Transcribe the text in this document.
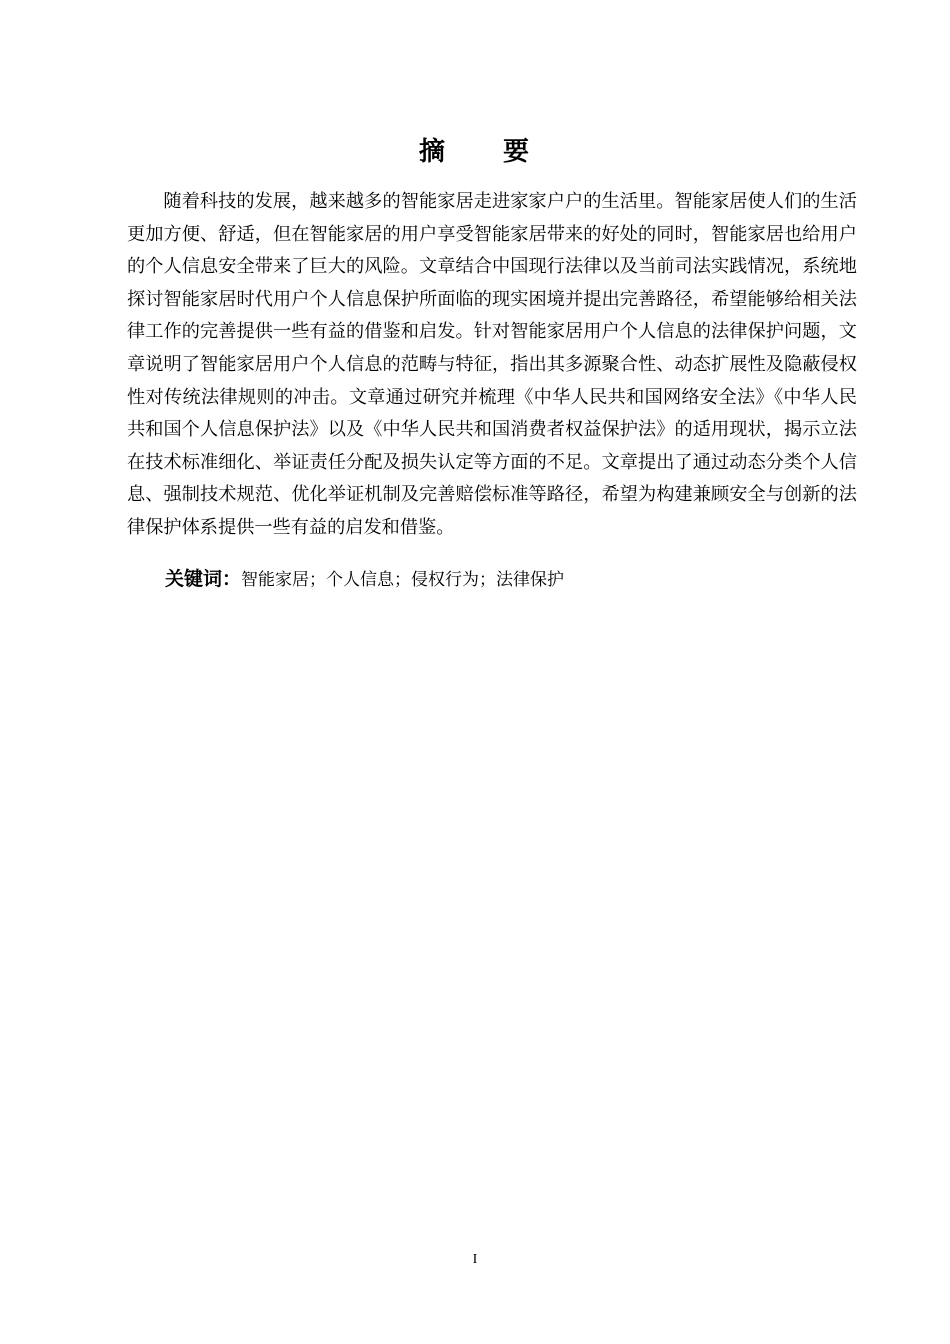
摘　　要

随着科技的发展，越来越多的智能家居走进家家户户的生活里。智能家居使人们的生活更加方便、舒适，但在智能家居的用户享受智能家居带来的好处的同时，智能家居也给用户的个人信息安全带来了巨大的风险。文章结合中国现行法律以及当前司法实践情况，系统地探讨智能家居时代用户个人信息保护所面临的现实困境并提出完善路径，希望能够给相关法律工作的完善提供一些有益的借鉴和启发。针对智能家居用户个人信息的法律保护问题，文章说明了智能家居用户个人信息的范畴与特征，指出其多源聚合性、动态扩展性及隐蔽侵权性对传统法律规则的冲击。文章通过研究并梳理《中华人民共和国网络安全法》《中华人民共和国个人信息保护法》以及《中华人民共和国消费者权益保护法》的适用现状，揭示立法在技术标准细化、举证责任分配及损失认定等方面的不足。文章提出了通过动态分类个人信息、强制技术规范、优化举证机制及完善赔偿标准等路径，希望为构建兼顾安全与创新的法律保护体系提供一些有益的启发和借鉴。

关键词：智能家居；个人信息；侵权行为；法律保护
I
